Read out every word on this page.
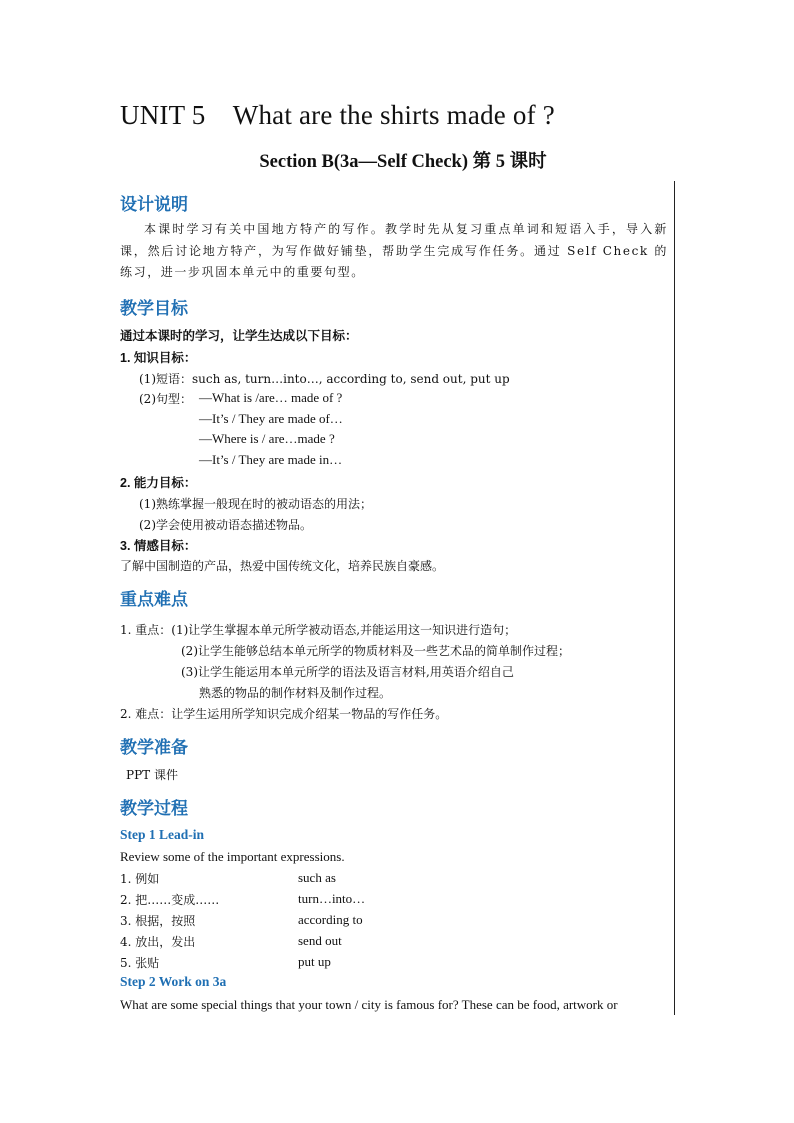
UNIT 5    What are the shirts made of ?
Section B(3a—Self Check) 第 5 课时
设计说明
本课时学习有关中国地方特产的写作。教学时先从复习重点单词和短语入手，导入新课，然后讨论地方特产，为写作做好铺垫，帮助学生完成写作任务。通过 Self Check 的练习，进一步巩固本单元中的重要句型。
教学目标
通过本课时的学习，让学生达成以下目标：
1. 知识目标：
(1)短语：such as, turn…into…, according to, send out, put up
(2)句型： —What is /are… made of ?
—It’s / They are made of…
—Where is / are…made ?
—It’s / They are made in…
2. 能力目标：
(1)熟练掌握一般现在时的被动语态的用法；
(2)学会使用被动语态描述物品。
3. 情感目标：
了解中国制造的产品，热爱中国传统文化，培养民族自豪感。
重点难点
1. 重点：(1)让学生掌握本单元所学被动语态,并能运用这一知识进行造句；
(2)让学生能够总结本单元所学的物质材料及一些艺术品的简单制作过程；
(3)让学生能运用本单元所学的语法及语言材料,用英语介绍自己
熟悉的物品的制作材料及制作过程。
2. 难点：让学生运用所学知识完成介绍某一物品的写作任务。
教学准备
PPT 课件
教学过程
Step 1 Lead-in
Review some of the important expressions.
1. 例如	such as
2. 把……变成……	turn…into…
3. 根据，按照	according to
4. 放出，发出	send out
5. 张贴	put up
Step 2 Work on 3a
What are some special things that your town / city is famous for? These can be food, artwork or
